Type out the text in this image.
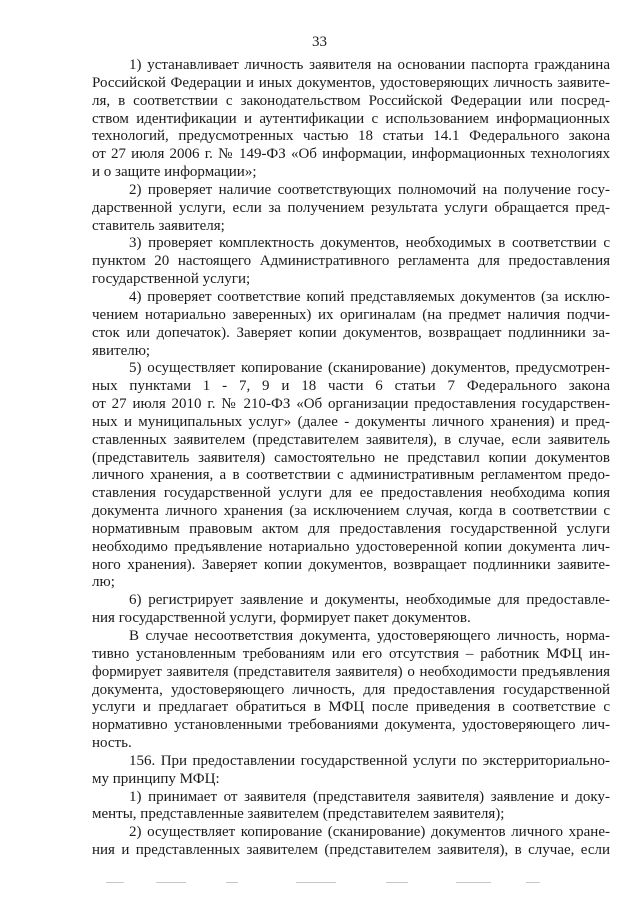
33
1) устанавливает личность заявителя на основании паспорта гражданина
Российской Федерации и иных документов, удостоверяющих личность заявите-
ля, в соответствии с законодательством Российской Федерации или посред-
ством идентификации и аутентификации с использованием информационных
технологий, предусмотренных частью 18 статьи 14.1 Федерального закона
от 27 июля 2006 г. № 149-ФЗ «Об информации, информационных технологиях
и о защите информации»;
2) проверяет наличие соответствующих полномочий на получение госу-
дарственной услуги, если за получением результата услуги обращается пред-
ставитель заявителя;
3) проверяет комплектность документов, необходимых в соответствии с
пунктом 20 настоящего Административного регламента для предоставления
государственной услуги;
4) проверяет соответствие копий представляемых документов (за исклю-
чением нотариально заверенных) их оригиналам (на предмет наличия подчи-
сток или допечаток). Заверяет копии документов, возвращает подлинники за-
явителю;
5) осуществляет копирование (сканирование) документов, предусмотрен-
ных пунктами 1 - 7, 9 и 18 части 6 статьи 7 Федерального закона
от 27 июля 2010 г. № 210-ФЗ «Об организации предоставления государствен-
ных и муниципальных услуг» (далее - документы личного хранения) и пред-
ставленных заявителем (представителем заявителя), в случае, если заявитель
(представитель заявителя) самостоятельно не представил копии документов
личного хранения, а в соответствии с административным регламентом предо-
ставления государственной услуги для ее предоставления необходима копия
документа личного хранения (за исключением случая, когда в соответствии с
нормативным правовым актом для предоставления государственной услуги
необходимо предъявление нотариально удостоверенной копии документа лич-
ного хранения). Заверяет копии документов, возвращает подлинники заявите-
лю;
6) регистрирует заявление и документы, необходимые для предоставле-
ния государственной услуги, формирует пакет документов.
В случае несоответствия документа, удостоверяющего личность, норма-
тивно установленным требованиям или его отсутствия – работник МФЦ ин-
формирует заявителя (представителя заявителя) о необходимости предъявления
документа, удостоверяющего личность, для предоставления государственной
услуги и предлагает обратиться в МФЦ после приведения в соответствие с
нормативно установленными требованиями документа, удостоверяющего лич-
ность.
156. При предоставлении государственной услуги по экстерриториально-
му принципу МФЦ:
1) принимает от заявителя (представителя заявителя) заявление и доку-
менты, представленные заявителем (представителем заявителя);
2) осуществляет копирование (сканирование) документов личного хране-
ния и представленных заявителем (представителем заявителя), в случае, если
